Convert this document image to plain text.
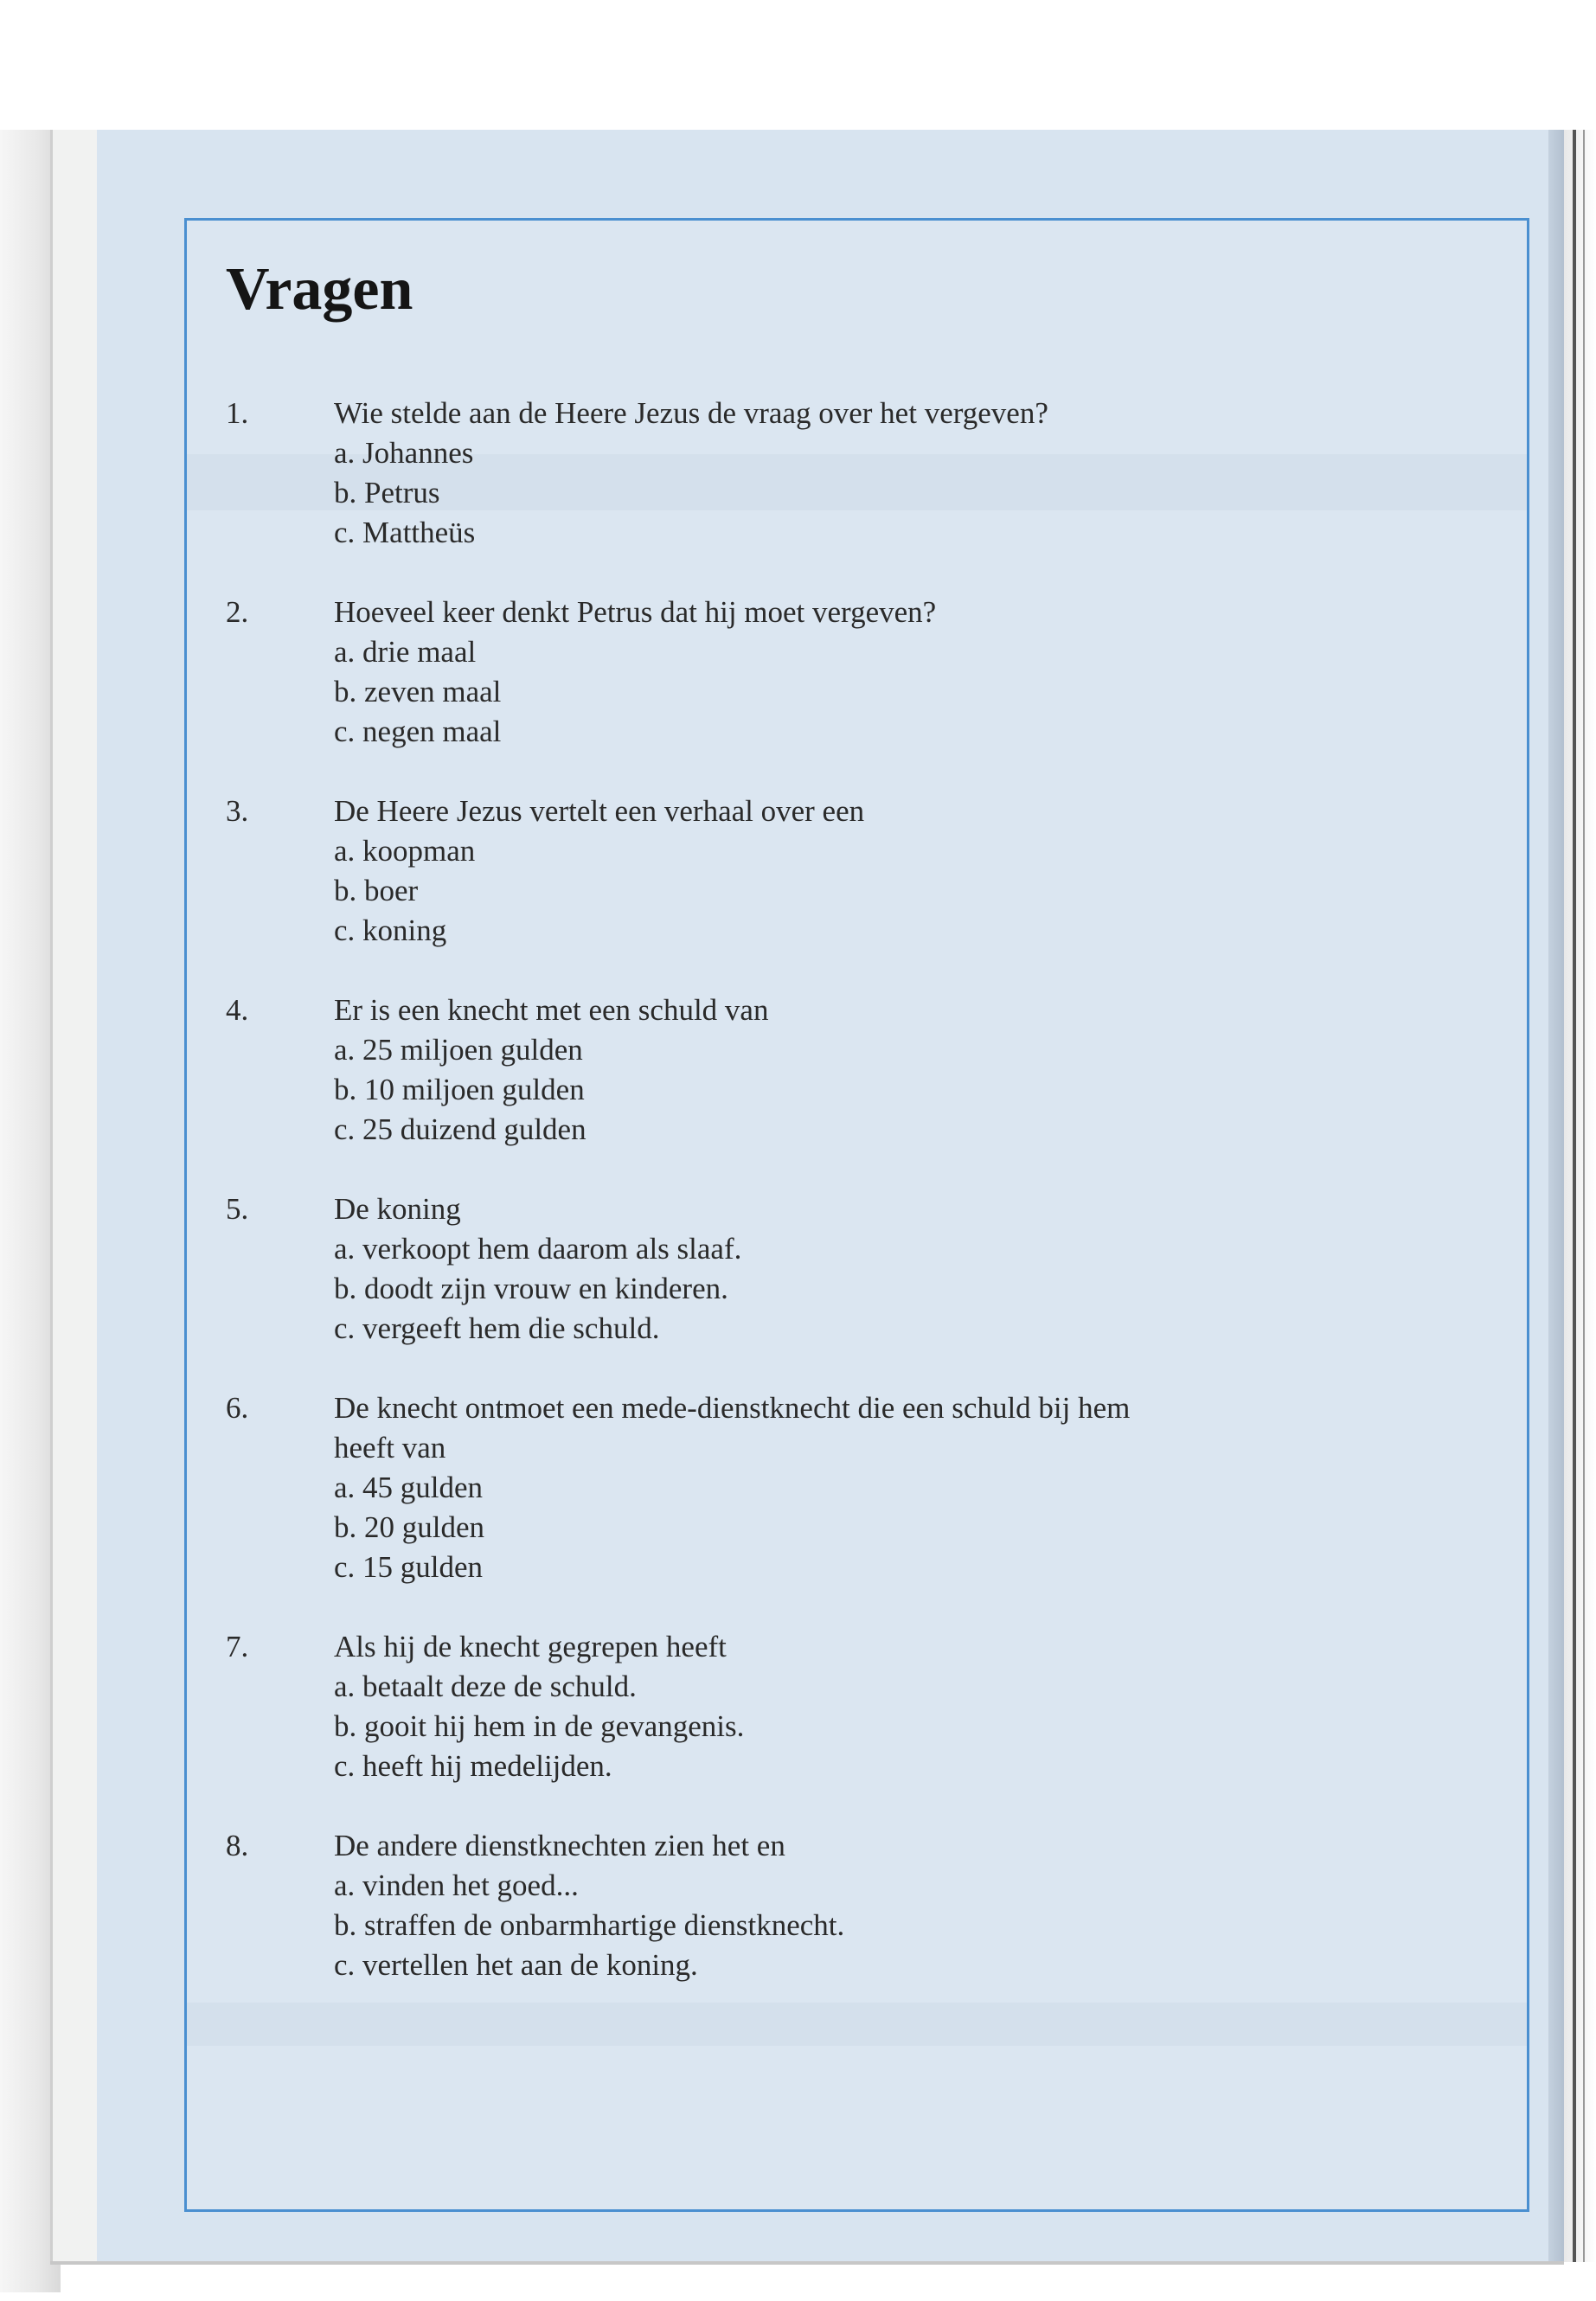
Vragen
1.	Wie stelde aan de Heere Jezus de vraag over het vergeven?
a. Johannes
b. Petrus
c. Mattheüs
2.	Hoeveel keer denkt Petrus dat hij moet vergeven?
a. drie maal
b. zeven maal
c. negen maal
3.	De Heere Jezus vertelt een verhaal over een
a. koopman
b. boer
c. koning
4.	Er is een knecht met een schuld van
a. 25 miljoen gulden
b. 10 miljoen gulden
c. 25 duizend gulden
5.	De koning
a. verkoopt hem daarom als slaaf.
b. doodt zijn vrouw en kinderen.
c. vergeeft hem die schuld.
6.	De knecht ontmoet een mede-dienstknecht die een schuld bij hem heeft van
a. 45 gulden
b. 20 gulden
c. 15 gulden
7.	Als hij de knecht gegrepen heeft
a. betaalt deze de schuld.
b. gooit hij hem in de gevangenis.
c. heeft hij medelijden.
8.	De andere dienstknechten zien het en
a. vinden het goed...
b. straffen de onbarmhartige dienstknecht.
c. vertellen het aan de koning.
